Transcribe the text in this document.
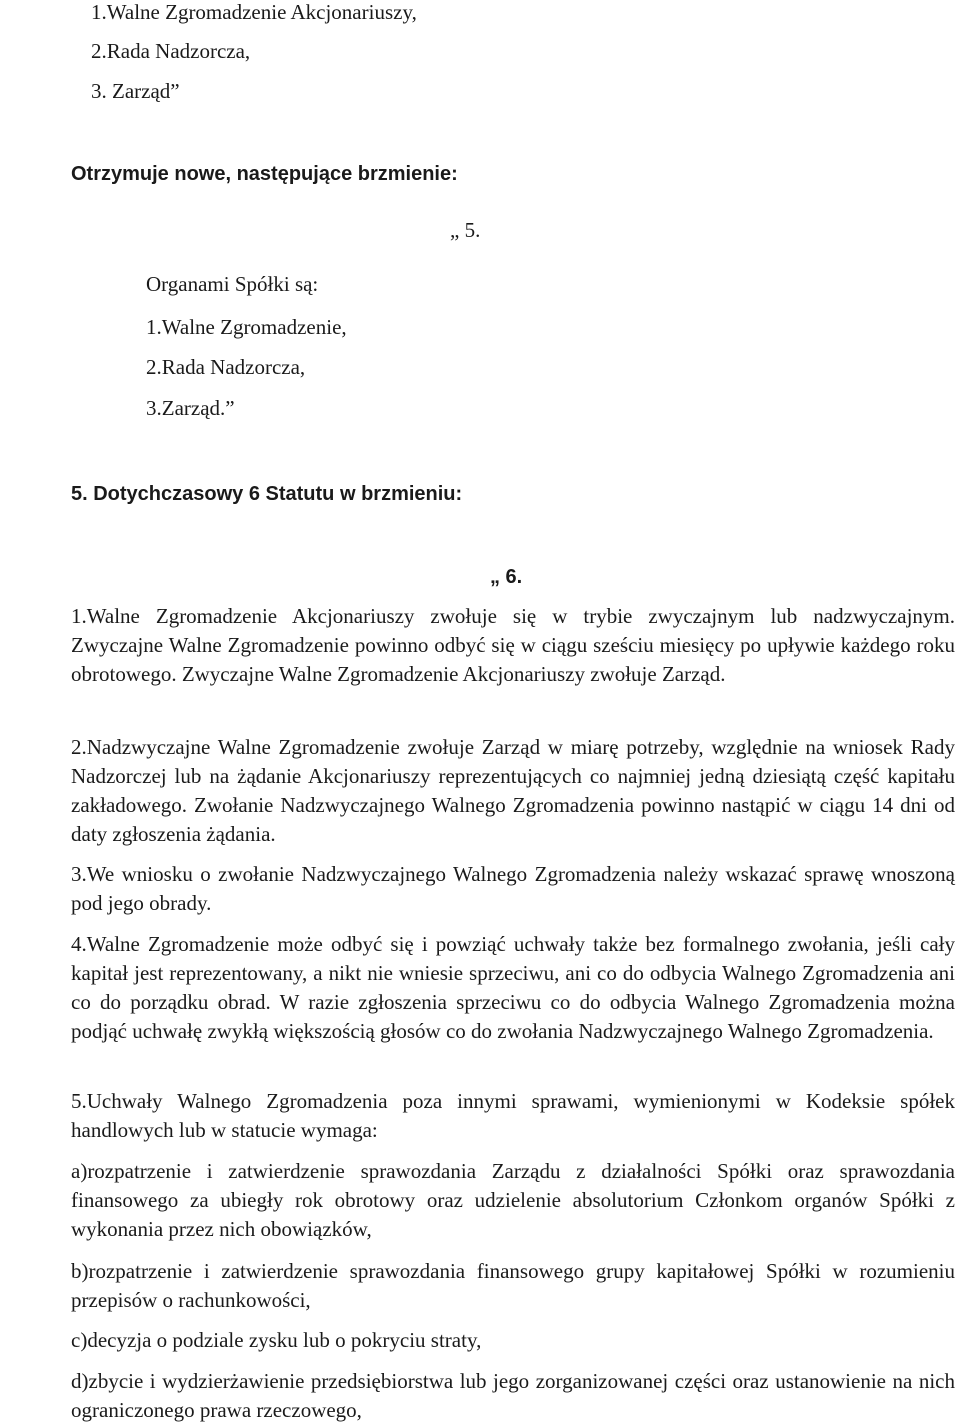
1.Walne Zgromadzenie Akcjonariuszy,

2.Rada Nadzorcza,

3. Zarząd”

Otrzymuje nowe, następujące brzmienie:

„ 5.

Organami Spółki są:

1.Walne Zgromadzenie,

2.Rada Nadzorcza,

3.Zarząd.”

5. Dotychczasowy 6 Statutu w brzmieniu:

„ 6.

1.Walne Zgromadzenie Akcjonariuszy zwołuje się w trybie zwyczajnym lub nadzwyczajnym. Zwyczajne Walne Zgromadzenie powinno odbyć się w ciągu sześciu miesięcy po upływie każdego roku obrotowego. Zwyczajne Walne Zgromadzenie Akcjonariuszy zwołuje Zarząd.

2.Nadzwyczajne Walne Zgromadzenie zwołuje Zarząd w miarę potrzeby, względnie na wniosek Rady Nadzorczej lub na żądanie Akcjonariuszy reprezentujących co najmniej jedną dziesiątą część kapitału zakładowego. Zwołanie Nadzwyczajnego Walnego Zgromadzenia powinno nastąpić w ciągu 14 dni od daty zgłoszenia żądania.

3.We wniosku o zwołanie Nadzwyczajnego Walnego Zgromadzenia należy wskazać sprawę wnoszoną pod jego obrady.

4.Walne Zgromadzenie może odbyć się i powziąć uchwały także bez formalnego zwołania, jeśli cały kapitał jest reprezentowany, a nikt nie wniesie sprzeciwu, ani co do odbycia Walnego Zgromadzenia ani co do porządku obrad. W razie zgłoszenia sprzeciwu co do odbycia Walnego Zgromadzenia można podjąć uchwałę zwykłą większością głosów co do zwołania Nadzwyczajnego Walnego Zgromadzenia.

5.Uchwały Walnego Zgromadzenia poza innymi sprawami, wymienionymi w Kodeksie spółek handlowych lub w statucie wymaga:

a)rozpatrzenie i zatwierdzenie sprawozdania Zarządu z działalności Spółki oraz sprawozdania finansowego za ubiegły rok obrotowy oraz udzielenie absolutorium Członkom organów Spółki z wykonania przez nich obowiązków,

b)rozpatrzenie i zatwierdzenie sprawozdania finansowego grupy kapitałowej Spółki w rozumieniu przepisów o rachunkowości,

c)decyzja o podziale zysku lub o pokryciu straty,

d)zbycie i wydzierżawienie przedsiębiorstwa lub jego zorganizowanej części oraz ustanowienie na nich ograniczonego prawa rzeczowego,
